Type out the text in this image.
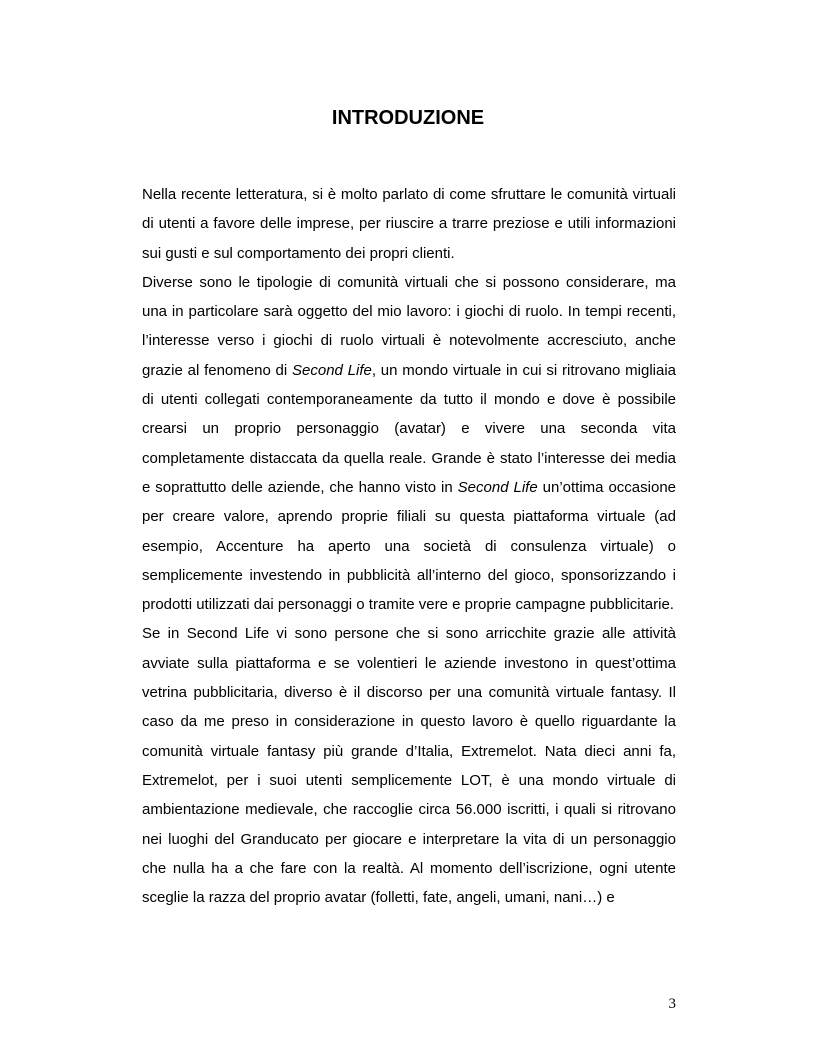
INTRODUZIONE

Nella recente letteratura, si è molto parlato di come sfruttare le comunità virtuali di utenti a favore delle imprese, per riuscire a trarre preziose e utili informazioni sui gusti e sul comportamento dei propri clienti.

Diverse sono le tipologie di comunità virtuali che si possono considerare, ma una in particolare sarà oggetto del mio lavoro: i giochi di ruolo. In tempi recenti, l’interesse verso i giochi di ruolo virtuali è notevolmente accresciuto, anche grazie al fenomeno di Second Life, un mondo virtuale in cui si ritrovano migliaia di utenti collegati contemporaneamente da tutto il mondo e dove è possibile crearsi un proprio personaggio (avatar) e vivere una seconda vita completamente distaccata da quella reale. Grande è stato l’interesse dei media e soprattutto delle aziende, che hanno visto in Second Life un’ottima occasione per creare valore, aprendo proprie filiali su questa piattaforma virtuale (ad esempio, Accenture ha aperto una società di consulenza virtuale) o semplicemente investendo in pubblicità all’interno del gioco, sponsorizzando i prodotti utilizzati dai personaggi o tramite vere e proprie campagne pubblicitarie.

Se in Second Life vi sono persone che si sono arricchite grazie alle attività avviate sulla piattaforma e se volentieri le aziende investono in quest’ottima vetrina pubblicitaria, diverso è il discorso per una comunità virtuale fantasy. Il caso da me preso in considerazione in questo lavoro è quello riguardante la comunità virtuale fantasy più grande d’Italia, Extremelot. Nata dieci anni fa, Extremelot, per i suoi utenti semplicemente LOT, è una mondo virtuale di ambientazione medievale, che raccoglie circa 56.000 iscritti, i quali si ritrovano nei luoghi del Granducato per giocare e interpretare la vita di un personaggio che nulla ha a che fare con la realtà. Al momento dell’iscrizione, ogni utente sceglie la razza del proprio avatar (folletti, fate, angeli, umani, nani…) e

3
